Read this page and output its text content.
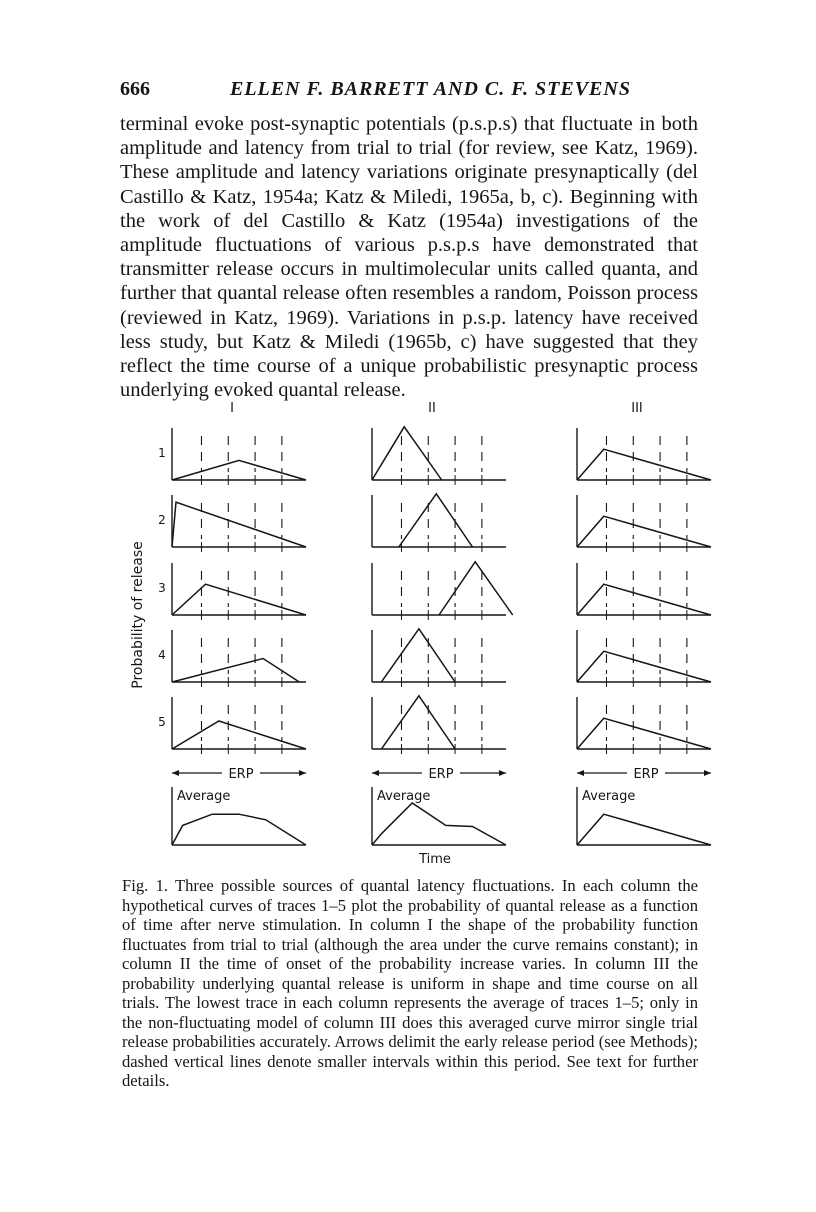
666	ELLEN F. BARRETT AND C. F. STEVENS

terminal evoke post-synaptic potentials (p.s.p.s) that fluctuate in both amplitude and latency from trial to trial (for review, see Katz, 1969). These amplitude and latency variations originate presynaptically (del Castillo & Katz, 1954a; Katz & Miledi, 1965a, b, c). Beginning with the work of del Castillo & Katz (1954a) investigations of the amplitude fluctuations of various p.s.p.s have demonstrated that transmitter release occurs in multimolecular units called quanta, and further that quantal release often resembles a random, Poisson process (reviewed in Katz, 1969). Variations in p.s.p. latency have received less study, but Katz & Miledi (1965b, c) have suggested that they reflect the time course of a unique probabilistic presynaptic process underlying evoked quantal release.

I	II	III
Probability of release
1
2
3
4
5
ERP
Average
ERP
Average
ERP
Average
Time

Fig. 1. Three possible sources of quantal latency fluctuations. In each column the hypothetical curves of traces 1–5 plot the probability of quantal release as a function of time after nerve stimulation. In column I the shape of the probability function fluctuates from trial to trial (although the area under the curve remains constant); in column II the time of onset of the probability increase varies. In column III the probability underlying quantal release is uniform in shape and time course on all trials. The lowest trace in each column represents the average of traces 1–5; only in the non-fluctuating model of column III does this averaged curve mirror single trial release probabilities accurately. Arrows delimit the early release period (see Methods); dashed vertical lines denote smaller intervals within this period. See text for further details.
